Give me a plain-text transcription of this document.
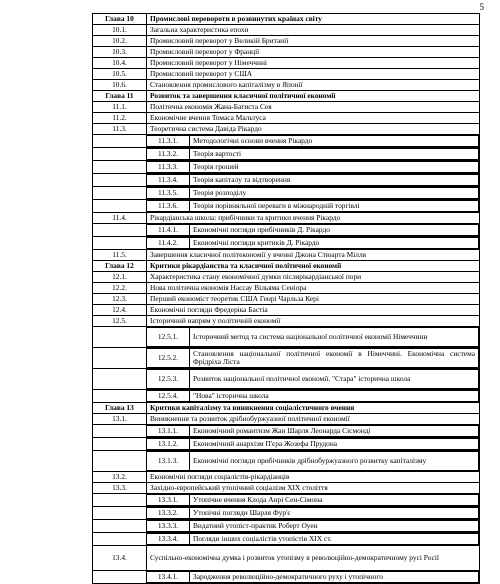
5
Глава 10	Промислові перевороти в розвинутих країнах світу
10.1.	Загальна характеристика епохи
10.2.	Промисловий переворот у Великій Британії
10.3.	Промисловий переворот у Франції
10.4.	Промисловий переворот у Німеччині
10.5.	Промисловий переворот у США
10.6.	Становлення промислового капіталізму в Японії
Глава 11	Розвиток та завершення класичної політичної економії
11.1.	Політична економія Жана-Батиста Сея
11.2.	Економічне вчення Томаса Мальтуса
11.3.	Теоретична система Давіда Рікардо

11.3.1.	Методологічні основи вчення Рікардо

11.3.2.	Теорія вартості

11.3.3.	Теорія грошей

11.3.4.	Теорія капіталу та відтворення

11.3.5.	Теорія розподілу

11.3.6.	Теорія порівняльної переваги в міжнародній торгівлі

11.4.	Рікардіанська школа: прибічники та критики вчення Рікардо

11.4.1.	Економічні погляди прибічників Д. Рікардо

11.4.2.	Економічні погляди критиків Д. Рікардо

11.5.	Завершення класичної політекономії у вченні Джона Стюарта Мілля
Глава 12	Критики рікардіанства та класичної політичної економії
12.1.	Характеристика стану економічної думки післярікардіанської пори
12.2.	Нова політична економія Нассау Вільяма Сеніора
12.3.	Перший економіст теоретик США Генрі Чарльза Кері
12.4.	Економічні погляди Фредерiка Бастіа
12.5.	Історичний напрям у політичній економії

12.5.1.	Історичний метод та система національної політичної економії Німеччини

12.5.2.	Становлення національної політичної економії в Німеччині. Економічна система Фрідріха Ліста

12.5.3.	Розвиток національної політичної економії. "Стара" історична школа

12.5.4.	"Нова" історична школа

Глава 13	Критики капіталізму та виникнення соціалістичного вчення
13.1.	Виникнення та розвиток дрібнобуржуазної політичної економії

13.1.1.	Економічний романтизм Жан Шарля Леонарда Сісмонді

13.1.2.	Економічний анархізм П'єра Жозефа Прудона

13.1.3.	Економічні погляди прибічників дрібнобуржуазного розвитку капіталізму

13.2.	Економічні погляди соціалістів-рікардіанців
13.3.	Західно-європейський утопічний соціалізм XIX століття

13.3.1.	Утопічне вчення Клода Анрі Сен-Сімона

13.3.2.	Утопічні погляди Шарля Фур'є

13.3.3.	Видатний утопіст-практик Роберт Оуен

13.3.4.	Погляди інших соціалістів утопістів XIX ст.

13.4.	Суспільно-економічна думка і розвиток утопізму в революційно-демократичному русі Росії

13.4.1.	Зародження революційно-демократичного руху і утопічного
